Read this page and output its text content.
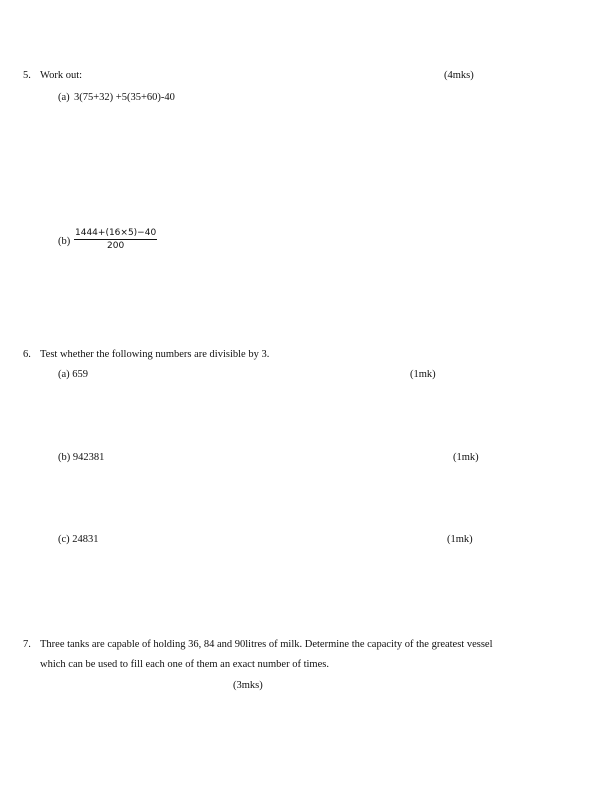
5. Work out:	(4mks)
(a) 3(75+32) +5(35+60)-40
$(b) \frac{1444+(16\times 5)-40}{200}$
6. Test whether the following numbers are divisible by 3.
(a) 659	(1mk)
(b) 942381	(1mk)
(c) 24831	(1mk)
7. Three tanks are capable of holding 36, 84 and 90litres of milk. Determine the capacity of the greatest vessel
which can be used to fill each one of them an exact number of times.
(3mks)
